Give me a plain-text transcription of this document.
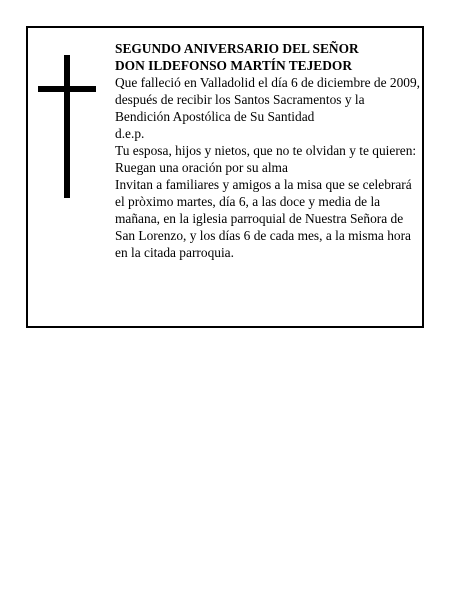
SEGUNDO ANIVERSARIO DEL SEÑOR

DON ILDEFONSO MARTÍN TEJEDOR

Que falleció en Valladolid el día 6 de diciembre de 2009, después de recibir los Santos Sacramentos y la Bendición Apostólica de Su Santidad

d.e.p.

Tu esposa, hijos y nietos, que no te olvidan y te quieren:

Ruegan una oración por su alma

Invitan a familiares y amigos a la misa que se celebrará el pròximo martes, día 6, a las doce y media de la mañana, en la iglesia parroquial de Nuestra Señora de San Lorenzo, y los días 6 de cada mes, a la misma hora en la citada parroquia.
